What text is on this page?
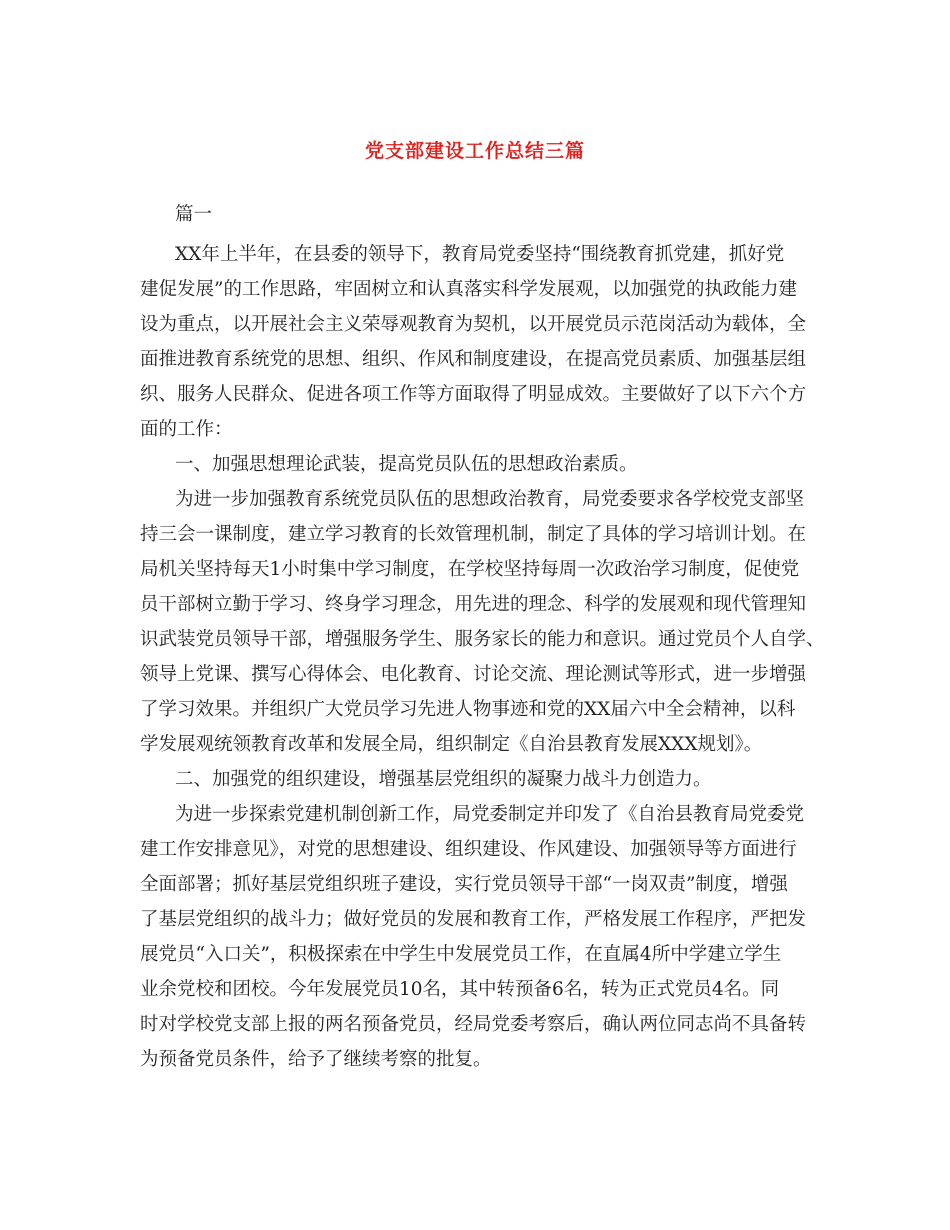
党支部建设工作总结三篇
篇一
XX年上半年，在县委的领导下，教育局党委坚持“围绕教育抓党建，抓好党
建促发展”的工作思路，牢固树立和认真落实科学发展观，以加强党的执政能力建
设为重点，以开展社会主义荣辱观教育为契机，以开展党员示范岗活动为载体，全
面推进教育系统党的思想、组织、作风和制度建设，在提高党员素质、加强基层组
织、服务人民群众、促进各项工作等方面取得了明显成效。主要做好了以下六个方
面的工作：
一、加强思想理论武装，提高党员队伍的思想政治素质。
为进一步加强教育系统党员队伍的思想政治教育，局党委要求各学校党支部坚
持三会一课制度，建立学习教育的长效管理机制，制定了具体的学习培训计划。在
局机关坚持每天1小时集中学习制度，在学校坚持每周一次政治学习制度，促使党
员干部树立勤于学习、终身学习理念，用先进的理念、科学的发展观和现代管理知
识武装党员领导干部，增强服务学生、服务家长的能力和意识。通过党员个人自学、
领导上党课、撰写心得体会、电化教育、讨论交流、理论测试等形式，进一步增强
了学习效果。并组织广大党员学习先进人物事迹和党的XX届六中全会精神，以科
学发展观统领教育改革和发展全局，组织制定《自治县教育发展XXX规划》。
二、加强党的组织建设，增强基层党组织的凝聚力战斗力创造力。
为进一步探索党建机制创新工作，局党委制定并印发了《自治县教育局党委党
建工作安排意见》，对党的思想建设、组织建设、作风建设、加强领导等方面进行
全面部署；抓好基层党组织班子建设，实行党员领导干部“一岗双责”制度，增强
了基层党组织的战斗力；做好党员的发展和教育工作，严格发展工作程序，严把发
展党员“入口关”，积极探索在中学生中发展党员工作，在直属4所中学建立学生
业余党校和团校。今年发展党员10名，其中转预备6名，转为正式党员4名。同
时对学校党支部上报的两名预备党员，经局党委考察后，确认两位同志尚不具备转
为预备党员条件，给予了继续考察的批复。
